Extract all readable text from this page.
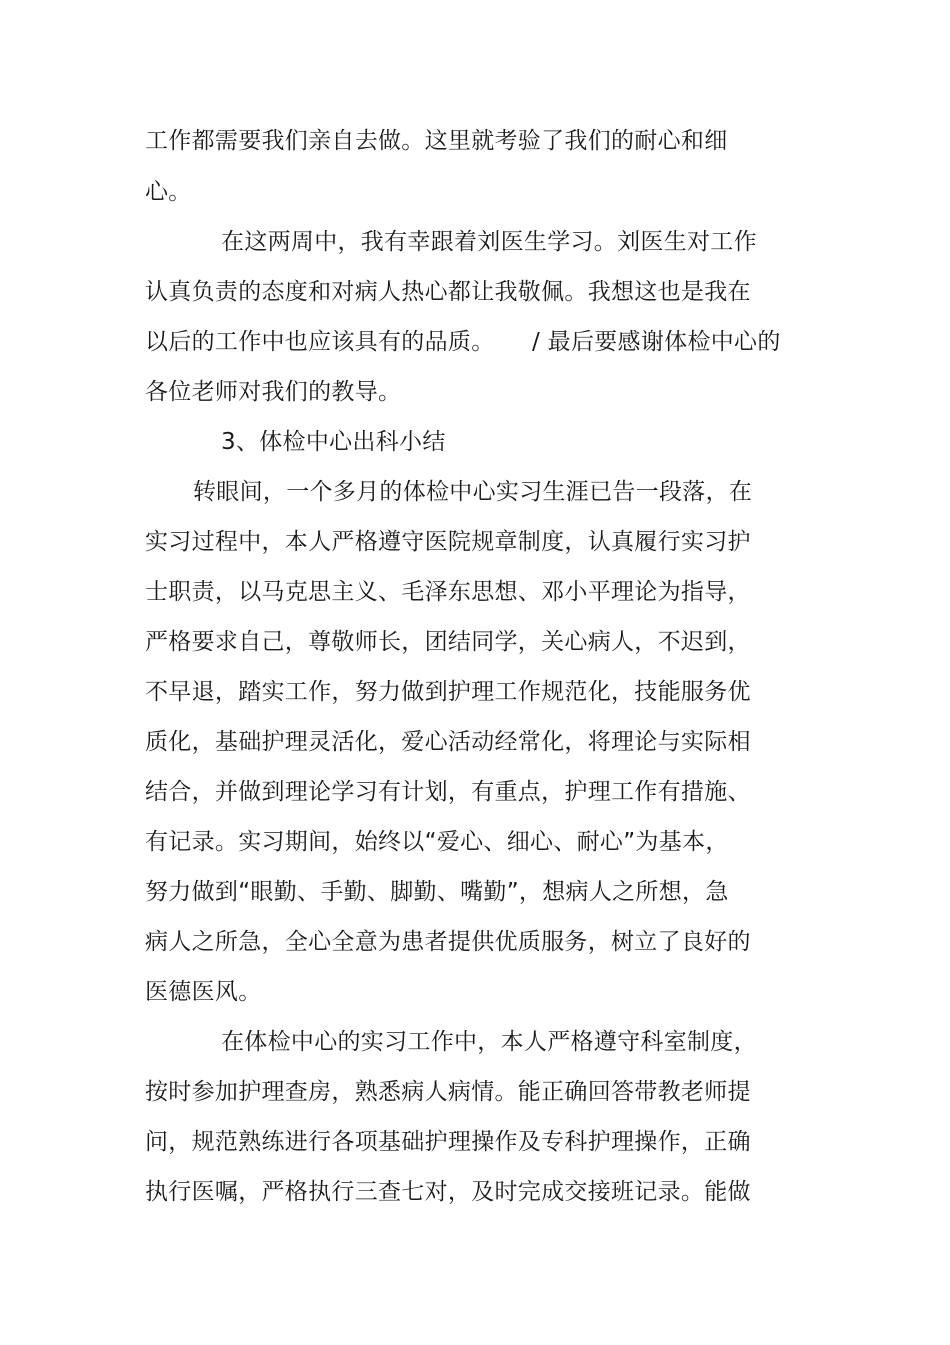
工作都需要我们亲自去做。这里就考验了我们的耐心和细
心。
在这两周中，我有幸跟着刘医生学习。刘医生对工作
认真负责的态度和对病人热心都让我敬佩。我想这也是我在
以后的工作中也应该具有的品质。 / 最后要感谢体检中心的
各位老师对我们的教导。
3、体检中心出科小结
转眼间，一个多月的体检中心实习生涯已告一段落，在
实习过程中，本人严格遵守医院规章制度，认真履行实习护
士职责，以马克思主义、毛泽东思想、邓小平理论为指导，
严格要求自己，尊敬师长，团结同学，关心病人，不迟到，
不早退，踏实工作，努力做到护理工作规范化，技能服务优
质化，基础护理灵活化，爱心活动经常化，将理论与实际相
结合，并做到理论学习有计划，有重点，护理工作有措施、
有记录。实习期间，始终以“爱心、细心、耐心”为基本，
努力做到“眼勤、手勤、脚勤、嘴勤”，想病人之所想，急
病人之所急，全心全意为患者提供优质服务，树立了良好的
医德医风。
在体检中心的实习工作中，本人严格遵守科室制度，
按时参加护理查房，熟悉病人病情。能正确回答带教老师提
问，规范熟练进行各项基础护理操作及专科护理操作，正确
执行医嘱，严格执行三查七对，及时完成交接班记录。能做
